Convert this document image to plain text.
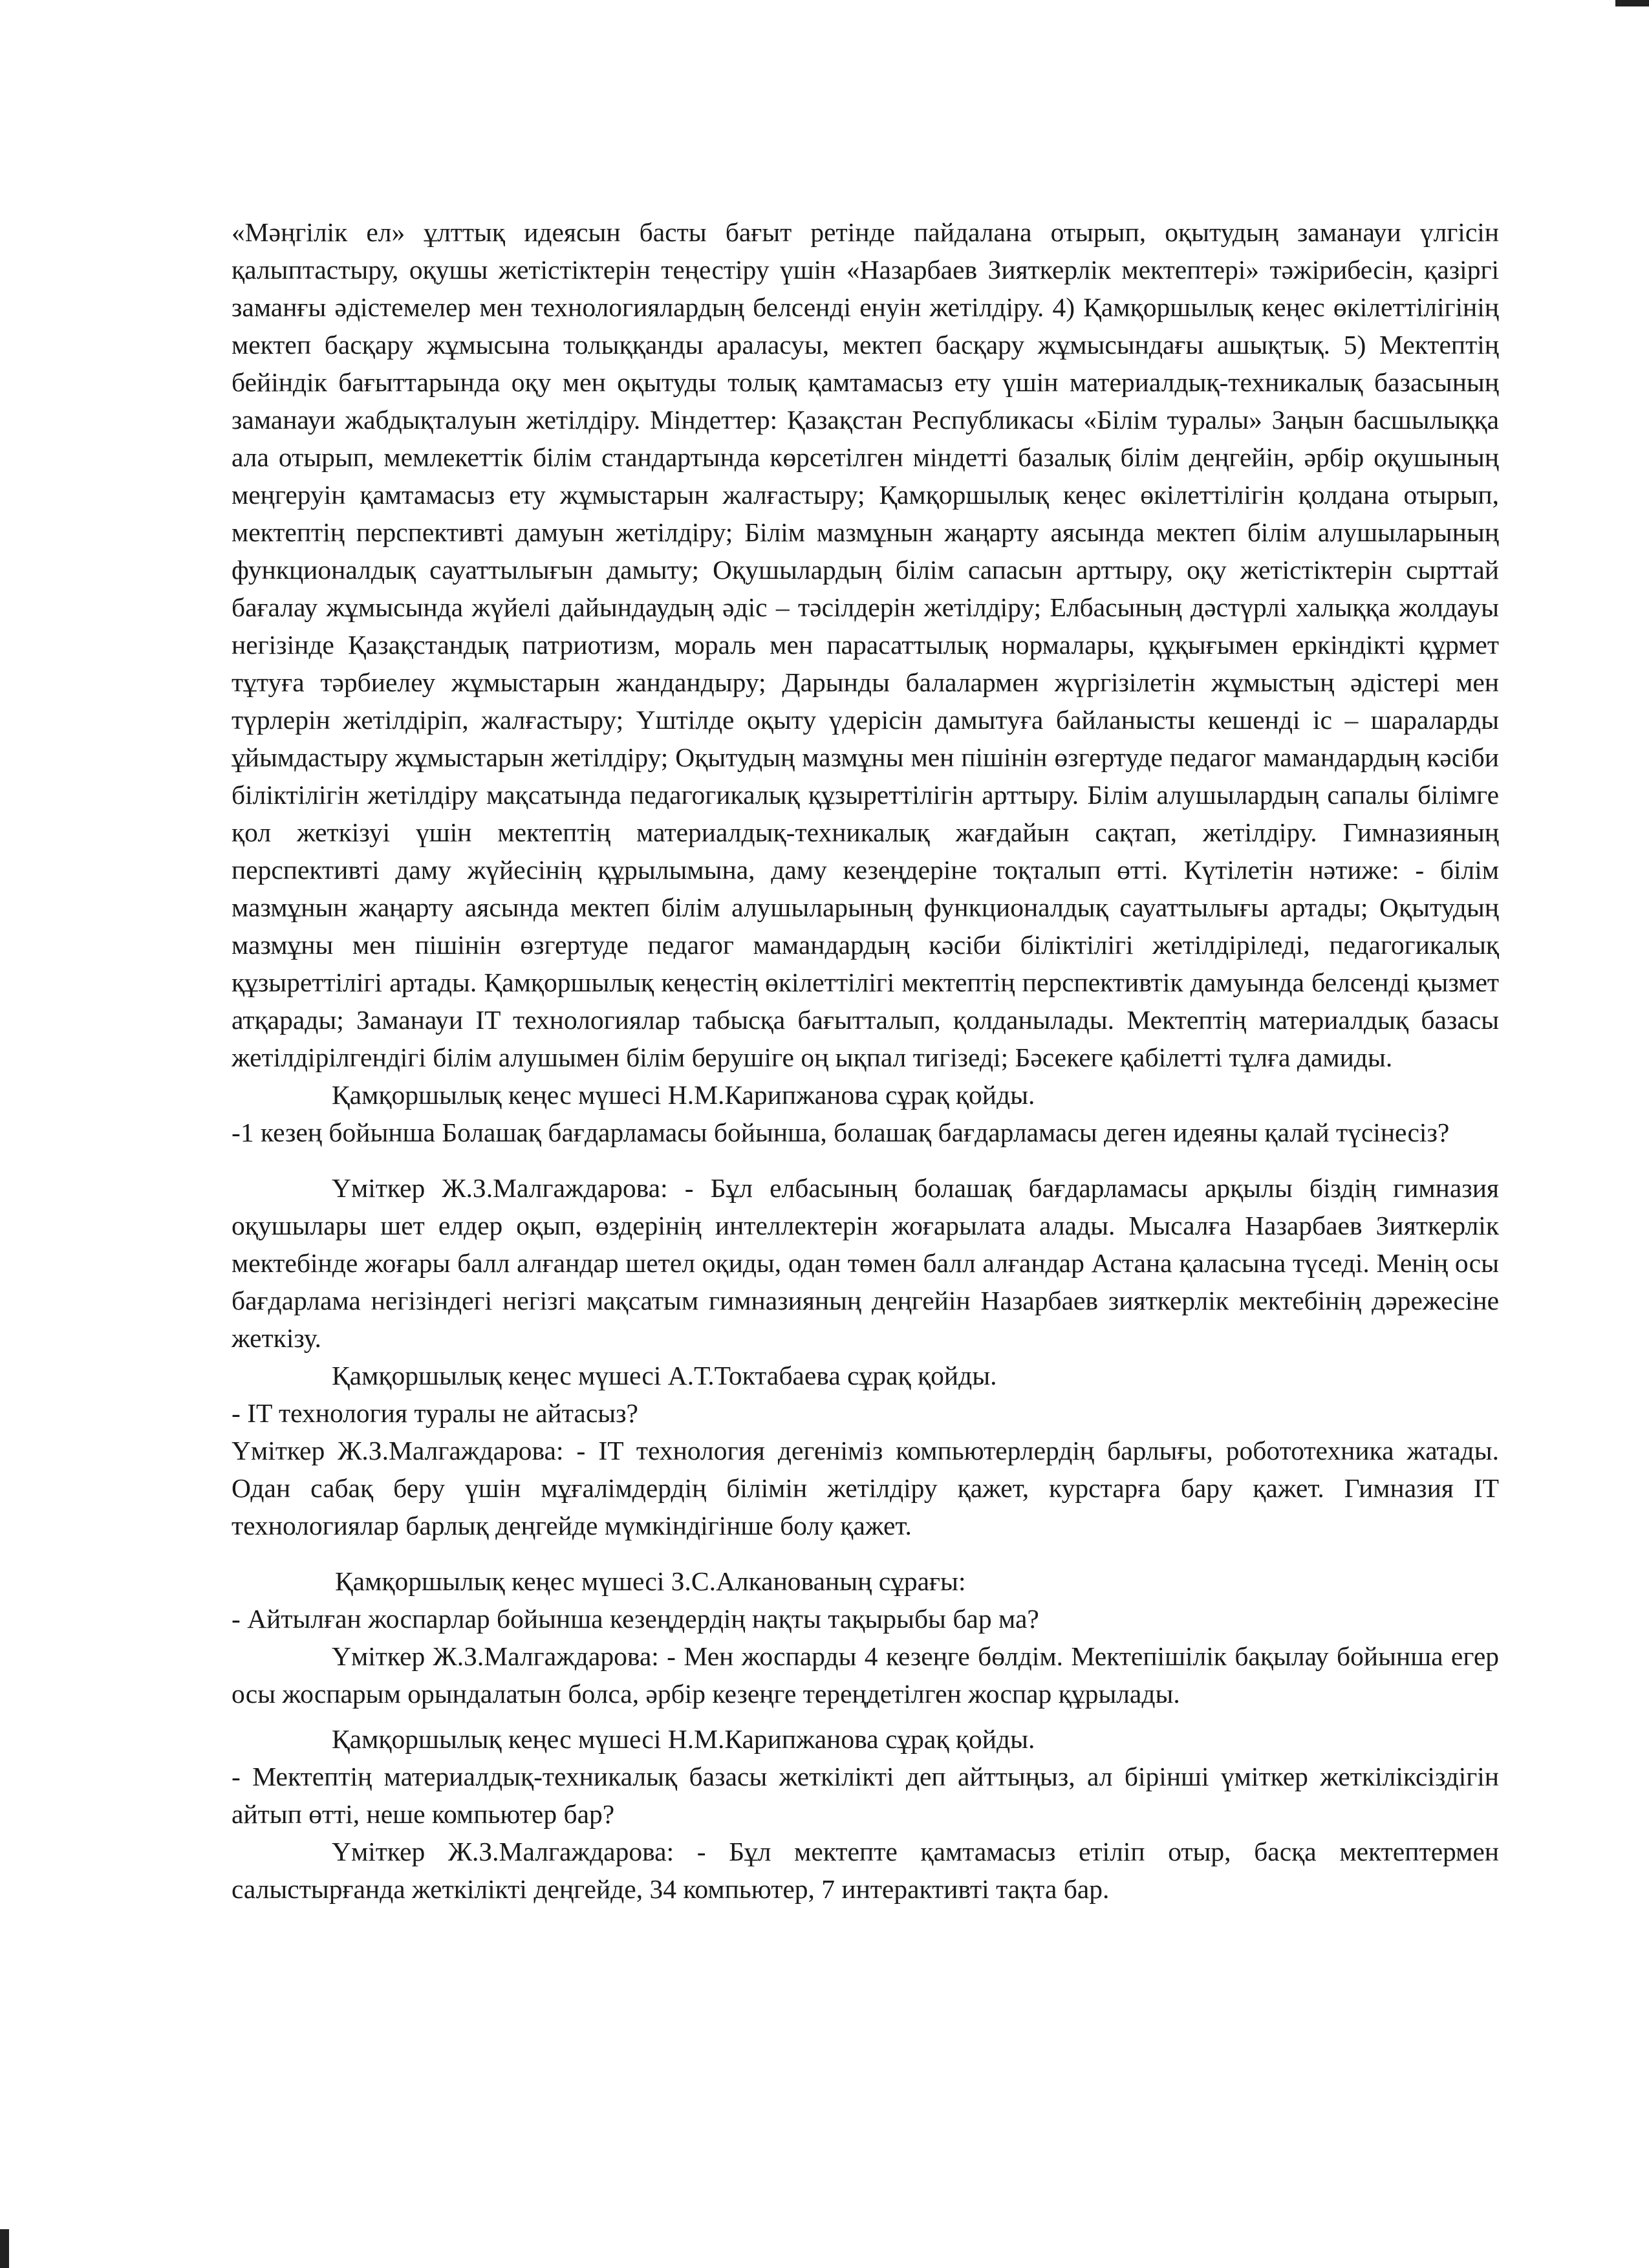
«Мәңгілік ел» ұлттық идеясын басты бағыт ретінде пайдалана отырып, оқытудың заманауи үлгісін қалыптастыру, оқушы жетістіктерін теңестіру үшін «Назарбаев Зияткерлік мектептері» тәжірибесін, қазіргі заманғы әдістемелер мен технологиялардың белсенді енуін жетілдіру. 4) Қамқоршылық кеңес өкілеттілігінің мектеп басқару жұмысына толыққанды араласуы, мектеп басқару жұмысындағы ашықтық. 5) Мектептің бейіндік бағыттарында оқу мен оқытуды толық қамтамасыз ету үшін материалдық-техникалық базасының заманауи жабдықталуын жетілдіру. Міндеттер: Қазақстан Республикасы «Білім туралы» Заңын басшылыққа ала отырып, мемлекеттік білім стандартында көрсетілген міндетті базалық білім деңгейін, әрбір оқушының меңгеруін қамтамасыз ету жұмыстарын жалғастыру; Қамқоршылық кеңес өкілеттілігін қолдана отырып, мектептің перспективті дамуын жетілдіру; Білім мазмұнын жаңарту аясында мектеп білім алушыларының функционалдық сауаттылығын дамыту; Оқушылардың білім сапасын арттыру, оқу жетістіктерін сырттай бағалау жұмысында жүйелі дайындаудың әдіс – тәсілдерін жетілдіру; Елбасының дәстүрлі халыққа жолдауы негізінде Қазақстандық патриотизм, мораль мен парасаттылық нормалары, құқығымен еркіндікті құрмет тұтуға тәрбиелеу жұмыстарын жандандыру; Дарынды балалармен жүргізілетін жұмыстың әдістері мен түрлерін жетілдіріп, жалғастыру; Үштілде оқыту үдерісін дамытуға байланысты кешенді іс – шараларды ұйымдастыру жұмыстарын жетілдіру; Оқытудың мазмұны мен пішінін өзгертуде педагог мамандардың кәсіби біліктілігін жетілдіру мақсатында педагогикалық құзыреттілігін арттыру. Білім алушылардың сапалы білімге қол жеткізуі үшін мектептің материалдық-техникалық жағдайын сақтап, жетілдіру. Гимназияның перспективті даму жүйесінің құрылымына, даму кезеңдеріне тоқталып өтті. Күтілетін нәтиже: - білім мазмұнын жаңарту аясында мектеп білім алушыларының функционалдық сауаттылығы артады; Оқытудың мазмұны мен пішінін өзгертуде педагог мамандардың кәсіби біліктілігі жетілдіріледі, педагогикалық құзыреттілігі артады. Қамқоршылық кеңестің өкілеттілігі мектептің перспективтік дамуында белсенді қызмет атқарады; Заманауи IT технологиялар табысқа бағытталып, қолданылады. Мектептің материалдық базасы жетілдірілгендігі білім алушымен білім берушіге оң ықпал тигізеді; Бәсекеге қабілетті тұлға дамиды.

Қамқоршылық кеңес мүшесі Н.М.Карипжанова сұрақ қойды.

-1 кезең бойынша Болашақ бағдарламасы бойынша, болашақ бағдарламасы деген идеяны қалай түсінесіз?

Үміткер Ж.З.Малгаждарова: - Бұл елбасының болашақ бағдарламасы арқылы біздің гимназия оқушылары шет елдер оқып, өздерінің интеллектерін жоғарылата алады. Мысалға Назарбаев Зияткерлік мектебінде жоғары балл алғандар шетел оқиды, одан төмен балл алғандар Астана қаласына түседі. Менің осы бағдарлама негізіндегі негізгі мақсатым гимназияның деңгейін Назарбаев зияткерлік мектебінің дәрежесіне жеткізу.

Қамқоршылық кеңес мүшесі А.Т.Токтабаева сұрақ қойды.

- IT технология туралы не айтасыз?

Үміткер Ж.З.Малгаждарова: - IT технология дегеніміз компьютерлердің барлығы, робототехника жатады. Одан сабақ беру үшін мұғалімдердің білімін жетілдіру қажет, курстарға бару қажет. Гимназия IT технологиялар барлық деңгейде мүмкіндігінше болу қажет.

Қамқоршылық кеңес мүшесі З.С.Алканованың сұрағы:

- Айтылған жоспарлар бойынша кезеңдердің нақты тақырыбы бар ма?

Үміткер Ж.З.Малгаждарова: - Мен жоспарды 4 кезеңге бөлдім. Мектепішілік бақылау бойынша егер осы жоспарым орындалатын болса, әрбір кезеңге тереңдетілген жоспар құрылады.

Қамқоршылық кеңес мүшесі Н.М.Карипжанова сұрақ қойды.

- Мектептің материалдық-техникалық базасы жеткілікті деп айттыңыз, ал бірінші үміткер жеткіліксіздігін айтып өтті, неше компьютер бар?

Үміткер Ж.З.Малгаждарова: - Бұл мектепте қамтамасыз етіліп отыр, басқа мектептермен салыстырғанда жеткілікті деңгейде, 34 компьютер, 7 интерактивті тақта бар.
